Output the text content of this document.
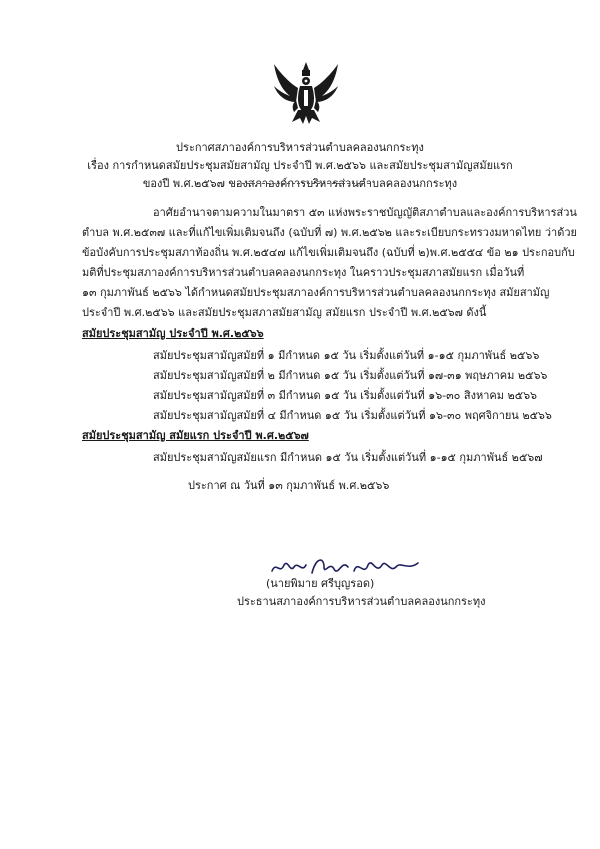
ประกาศสภาองค์การบริหารส่วนตำบลคลองนกกระทุง
เรื่อง การกำหนดสมัยประชุมสมัยสามัญ ประจำปี พ.ศ.๒๕๖๖ และสมัยประชุมสามัญสมัยแรก
ของปี พ.ศ.๒๕๖๗ ของสภาองค์การบริหารส่วนตำบลคลองนกกระทุง
อาศัยอำนาจตามความในมาตรา ๕๓ แห่งพระราชบัญญัติสภาตำบลและองค์การบริหารส่วน
ตำบล พ.ศ.๒๕๓๗ และที่แก้ไขเพิ่มเติมจนถึง (ฉบับที่ ๗) พ.ศ.๒๕๖๒ และระเบียบกระทรวงมหาดไทย ว่าด้วย
ข้อบังคับการประชุมสภาท้องถิ่น พ.ศ.๒๕๔๗ แก้ไขเพิ่มเติมจนถึง (ฉบับที่ ๒)พ.ศ.๒๕๕๔ ข้อ ๒๑ ประกอบกับ
มติที่ประชุมสภาองค์การบริหารส่วนตำบลคลองนกกระทุง ในคราวประชุมสภาสมัยแรก เมื่อวันที่
๑๓ กุมภาพันธ์ ๒๕๖๖ ได้กำหนดสมัยประชุมสภาองค์การบริหารส่วนตำบลคลองนกกระทุง สมัยสามัญ
ประจำปี พ.ศ.๒๕๖๖ และสมัยประชุมสภาสมัยสามัญ สมัยแรก ประจำปี พ.ศ.๒๕๖๗ ดังนี้
สมัยประชุมสามัญ ประจำปี พ.ศ.๒๕๖๖
สมัยประชุมสามัญสมัยที่ ๑ มีกำหนด ๑๕ วัน เริ่มตั้งแต่วันที่ ๑-๑๕ กุมภาพันธ์ ๒๕๖๖
สมัยประชุมสามัญสมัยที่ ๒ มีกำหนด ๑๕ วัน เริ่มตั้งแต่วันที่ ๑๗-๓๑ พฤษภาคม ๒๕๖๖
สมัยประชุมสามัญสมัยที่ ๓ มีกำหนด ๑๕ วัน เริ่มตั้งแต่วันที่ ๑๖-๓๐ สิงหาคม ๒๕๖๖
สมัยประชุมสามัญสมัยที่ ๔ มีกำหนด ๑๕ วัน เริ่มตั้งแต่วันที่ ๑๖-๓๐ พฤศจิกายน ๒๕๖๖
สมัยประชุมสามัญ สมัยแรก ประจำปี พ.ศ.๒๕๖๗
สมัยประชุมสามัญสมัยแรก มีกำหนด ๑๕ วัน เริ่มตั้งแต่วันที่ ๑-๑๕ กุมภาพันธ์ ๒๕๖๗
ประกาศ ณ วันที่ ๑๓ กุมภาพันธ์ พ.ศ.๒๕๖๖
(นายพิมาย ศรีบุญรอด)
ประธานสภาองค์การบริหารส่วนตำบลคลองนกกระทุง
